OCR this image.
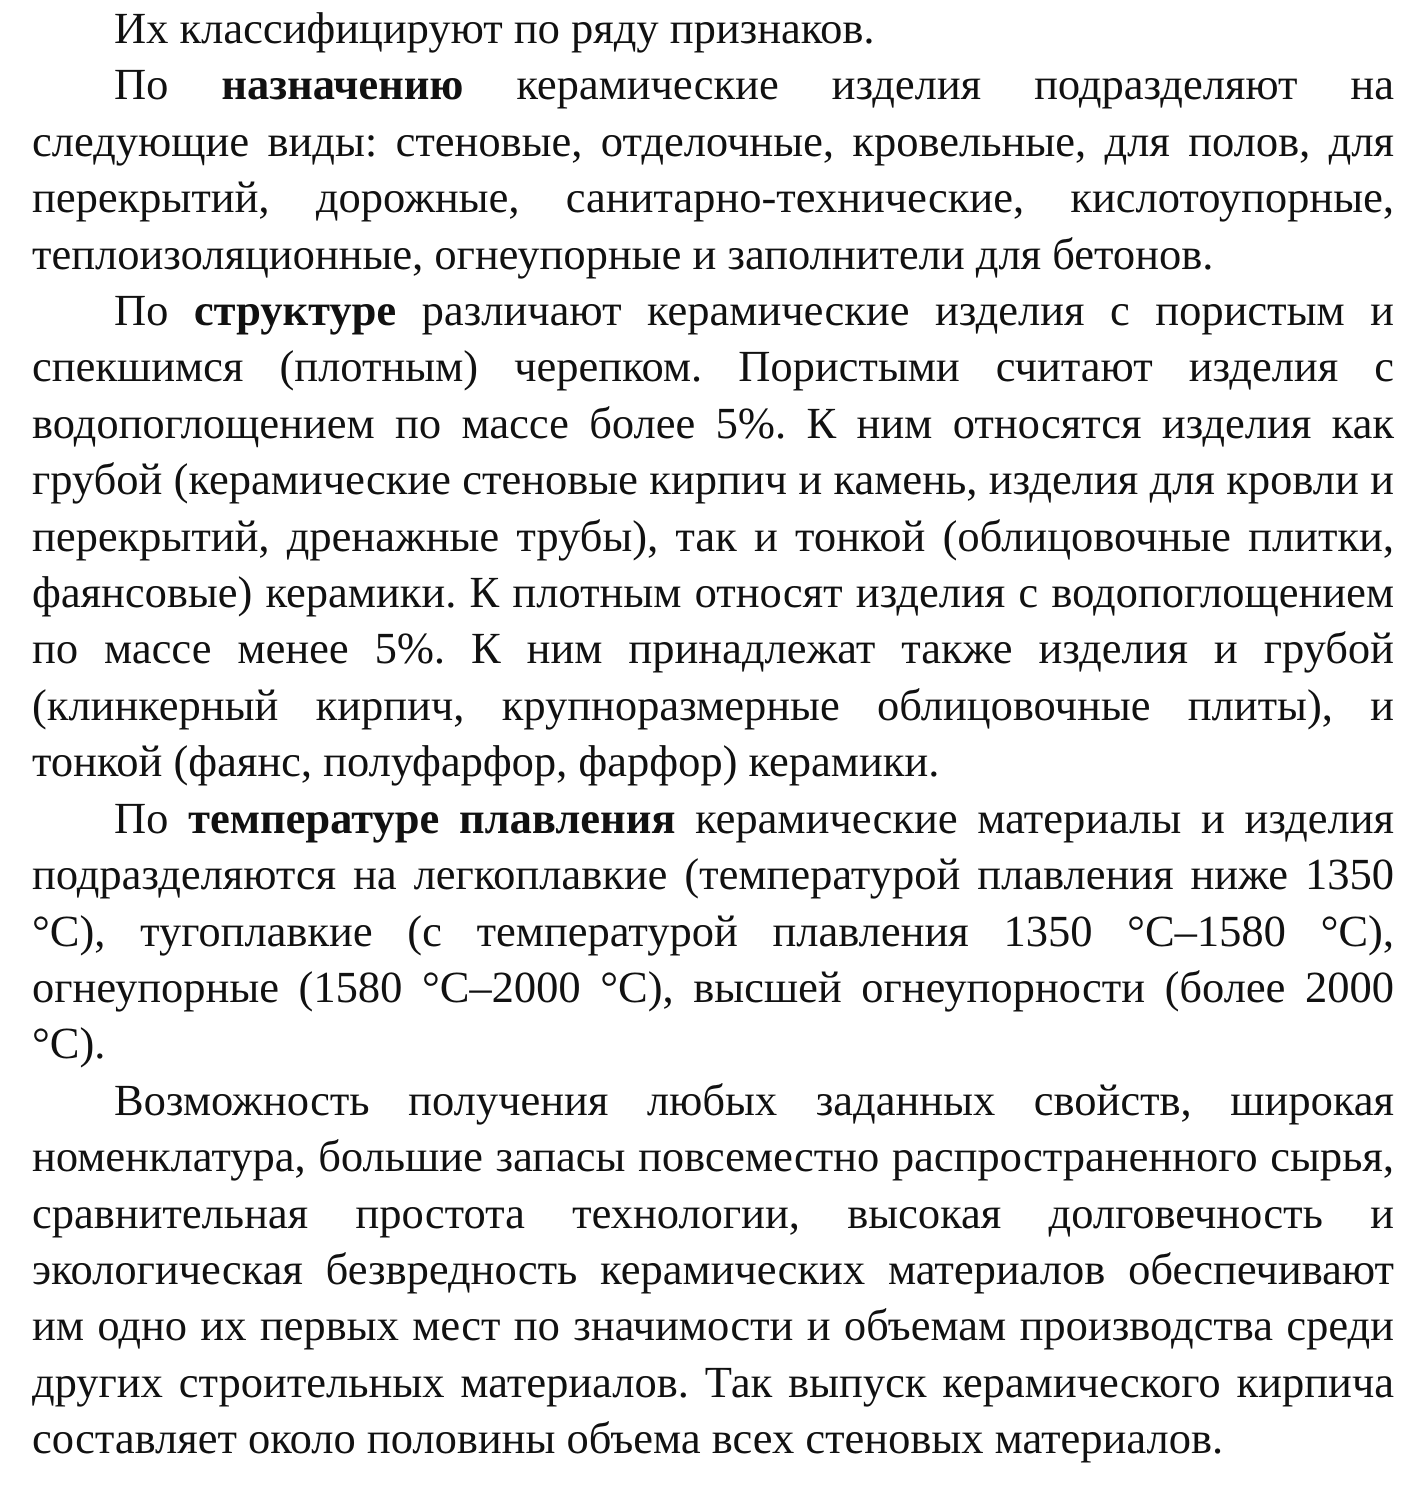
Их классифицируют по ряду признаков.

По назначению керамические изделия подразделяют на следующие виды: стеновые, отделочные, кровельные, для полов, для перекрытий, дорожные, санитарно-технические, кислотоупорные, теплоизоляционные, огнеупорные и заполнители для бетонов.

По структуре различают керамические изделия с пористым и спекшимся (плотным) черепком. Пористыми считают изделия с водопоглощением по массе более 5%. К ним относятся изделия как грубой (керамические стеновые кирпич и камень, изделия для кровли и перекрытий, дренажные трубы), так и тонкой (облицовочные плитки, фаянсовые) керамики. К плотным относят изделия с водопоглощением по массе менее 5%. К ним принадлежат также изделия и грубой (клинкерный кирпич, крупноразмерные облицовочные плиты), и тонкой (фаянс, полуфарфор, фарфор) керамики.

По температуре плавления керамические материалы и изделия подразделяются на легкоплавкие (температурой плавления ниже 1350 °С), тугоплавкие (с температурой плавления 1350 °С–1580 °С), огнеупорные (1580 °С–2000 °С), высшей огнеупорности (более 2000 °С).

Возможность получения любых заданных свойств, широкая номенклатура, большие запасы повсеместно распространенного сырья, сравнительная простота технологии, высокая долговечность и экологическая безвредность керамических материалов обеспечивают им одно их первых мест по значимости и объемам производства среди других строительных материалов. Так выпуск керамического кирпича составляет около половины объема всех стеновых материалов.
